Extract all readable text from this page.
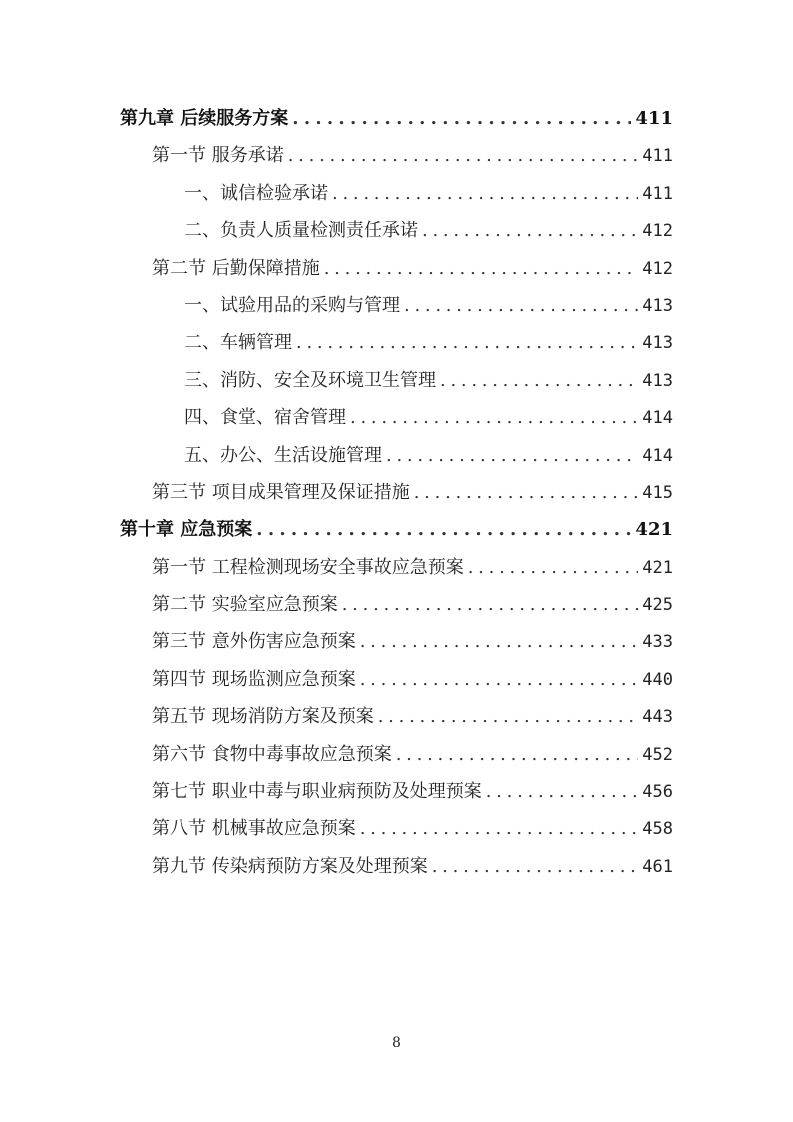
第九章 后续服务方案 . . .	411
第一节 服务承诺 . . .	411
一、诚信检验承诺 . . .	411
二、负责人质量检测责任承诺 . . .	412
第二节 后勤保障措施 . . .	412
一、试验用品的采购与管理 . . .	413
二、车辆管理 . . .	413
三、消防、安全及环境卫生管理 . . .	413
四、食堂、宿舍管理 . . .	414
五、办公、生活设施管理 . . .	414
第三节 项目成果管理及保证措施 . . .	415
第十章 应急预案 . . .	421
第一节 工程检测现场安全事故应急预案 . . .	421
第二节 实验室应急预案 . . .	425
第三节 意外伤害应急预案 . . .	433
第四节 现场监测应急预案 . . .	440
第五节 现场消防方案及预案 . . .	443
第六节 食物中毒事故应急预案 . . .	452
第七节 职业中毒与职业病预防及处理预案 . . .	456
第八节 机械事故应急预案 . . .	458
第九节 传染病预防方案及处理预案 . . .	461
8
